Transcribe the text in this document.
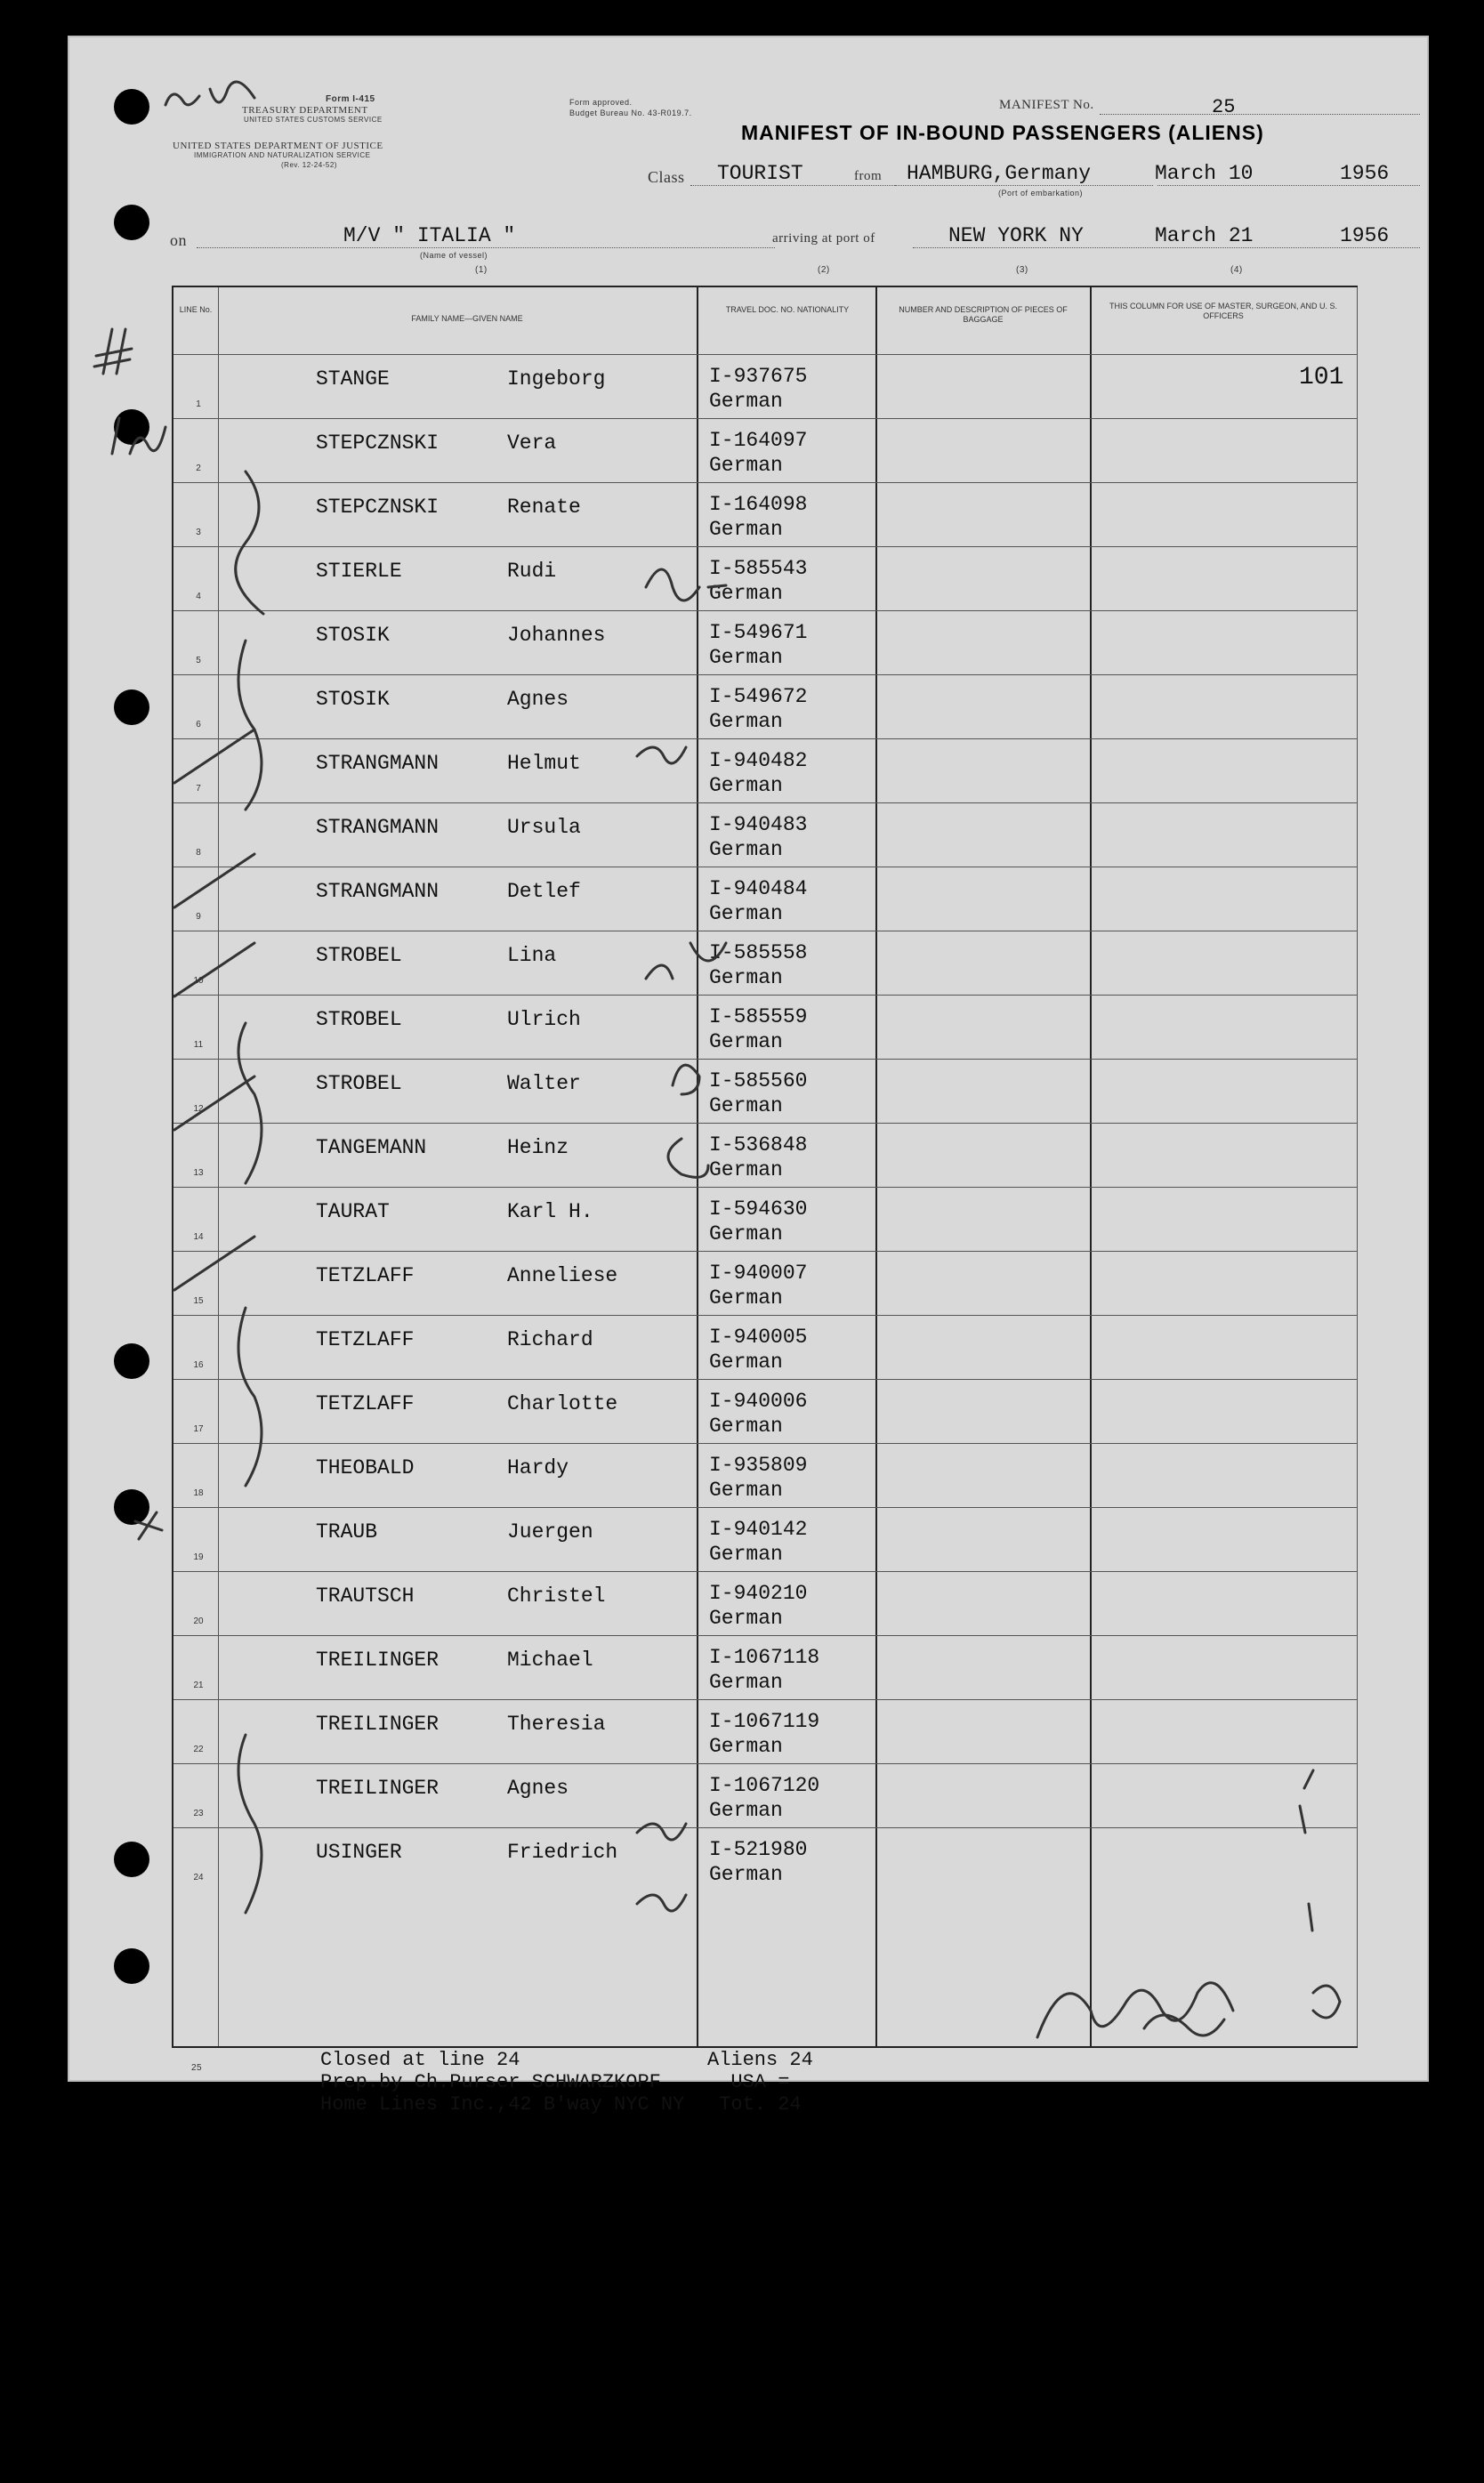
Form I-415
TREASURY DEPARTMENT
UNITED STATES CUSTOMS SERVICE
UNITED STATES DEPARTMENT OF JUSTICE
IMMIGRATION AND NATURALIZATION SERVICE
(Rev. 12-24-52)
Form approved.
Budget Bureau No. 43-R019.7.
MANIFEST No.	25
MANIFEST OF IN-BOUND PASSENGERS (ALIENS)
Class TOURIST	from HAMBURG,Germany
(Port of embarkation)
March 10	1956
on	M/V " ITALIA "
(Name of vessel)
arriving at port of	NEW YORK NY	March 21	1956
(1)	(2)	(3)	(4)
LINE No.
FAMILY NAME—GIVEN NAME
TRAVEL DOC. NO. NATIONALITY	NUMBER AND DESCRIPTION OF PIECES OF BAGGAGE
THIS COLUMN FOR USE OF MASTER, SURGEON, AND U. S. OFFICERS
1
STANGE	Ingeborg	I-937675
German
101
2
STEPCZNSKI	Vera	I-164097
German
3
STEPCZNSKI	Renate	I-164098
German
4
STIERLE	Rudi	I-585543
German
5
STOSIK	Johannes	I-549671
German
6
STOSIK	Agnes	I-549672
German
7
STRANGMANN	Helmut	I-940482
German
8
STRANGMANN	Ursula	I-940483
German
9
STRANGMANN	Detlef	I-940484
German
10
STROBEL	Lina	I-585558
German
11
STROBEL	Ulrich	I-585559
German
12
STROBEL	Walter	I-585560
German
13
TANGEMANN	Heinz	I-536848
German
14
TAURAT	Karl H.	I-594630
German
15
TETZLAFF	Anneliese	I-940007
German
16
TETZLAFF	Richard	I-940005
German
17
TETZLAFF	Charlotte	I-940006
German
18
THEOBALD	Hardy	I-935809
German
19
TRAUB	Juergen	I-940142
German
20
TRAUTSCH	Christel	I-940210
German
21
TREILINGER	Michael	I-1067118
German
22
TREILINGER	Theresia	I-1067119
German
23
TREILINGER	Agnes	I-1067120
German
24
USINGER	Friedrich	I-521980
German
25	Closed at line 24
Prep.by Ch.Purser SCHWARZKOPF
Home Lines Inc.,42 B'way NYC NY
Aliens 24
USA =
Tot. 24
